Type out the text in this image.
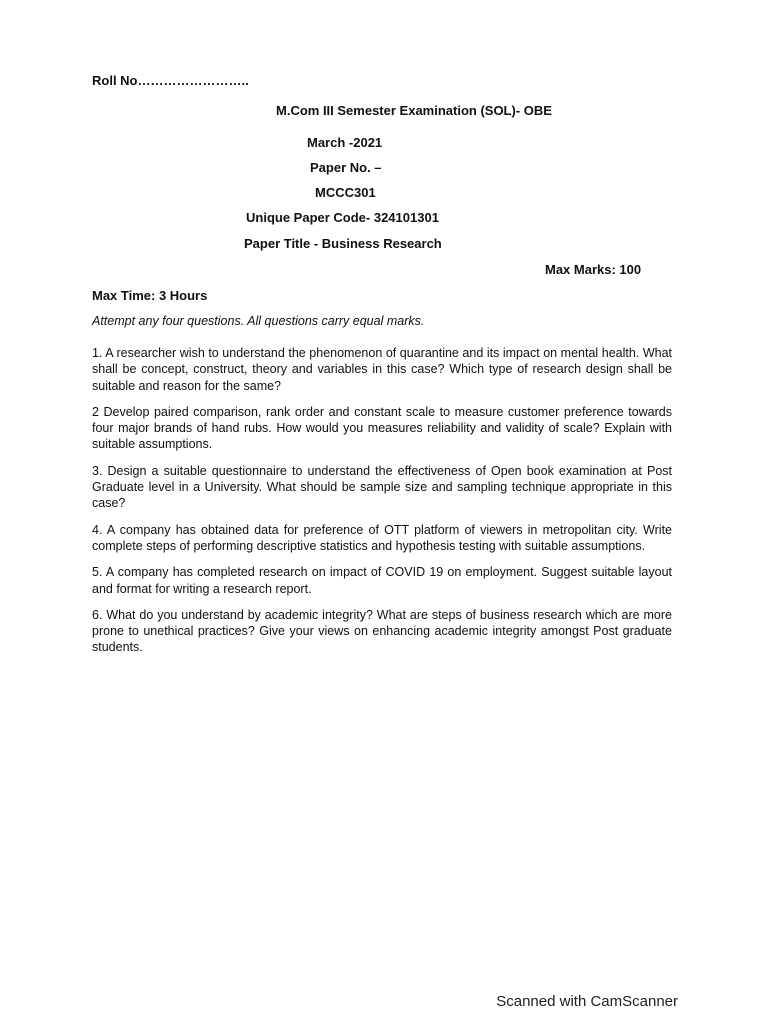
Roll No……………………..
M.Com III Semester Examination (SOL)- OBE
March -2021
Paper No. –
MCCC301
Unique Paper Code- 324101301
Paper Title - Business Research
Max Marks: 100
Max Time: 3 Hours
Attempt any four questions. All questions carry equal marks.

1. A researcher wish to understand the phenomenon of quarantine and its impact on mental health. What shall be concept, construct, theory and variables in this case? Which type of research design shall be suitable and reason for the same?

2 Develop paired comparison, rank order and constant scale to measure customer preference towards four major brands of hand rubs. How would you measures reliability and validity of scale? Explain with suitable assumptions.

3. Design a suitable questionnaire to understand the effectiveness of Open book examination at Post Graduate level in a University. What should be sample size and sampling technique appropriate in this case?

4. A company has obtained data for preference of OTT platform of viewers in metropolitan city. Write complete steps of performing descriptive statistics and hypothesis testing with suitable assumptions.

5. A company has completed research on impact of COVID 19 on employment. Suggest suitable layout and format for writing a research report.

6. What do you understand by academic integrity? What are steps of business research which are more prone to unethical practices? Give your views on enhancing academic integrity amongst Post graduate students.

Scanned with CamScanner
